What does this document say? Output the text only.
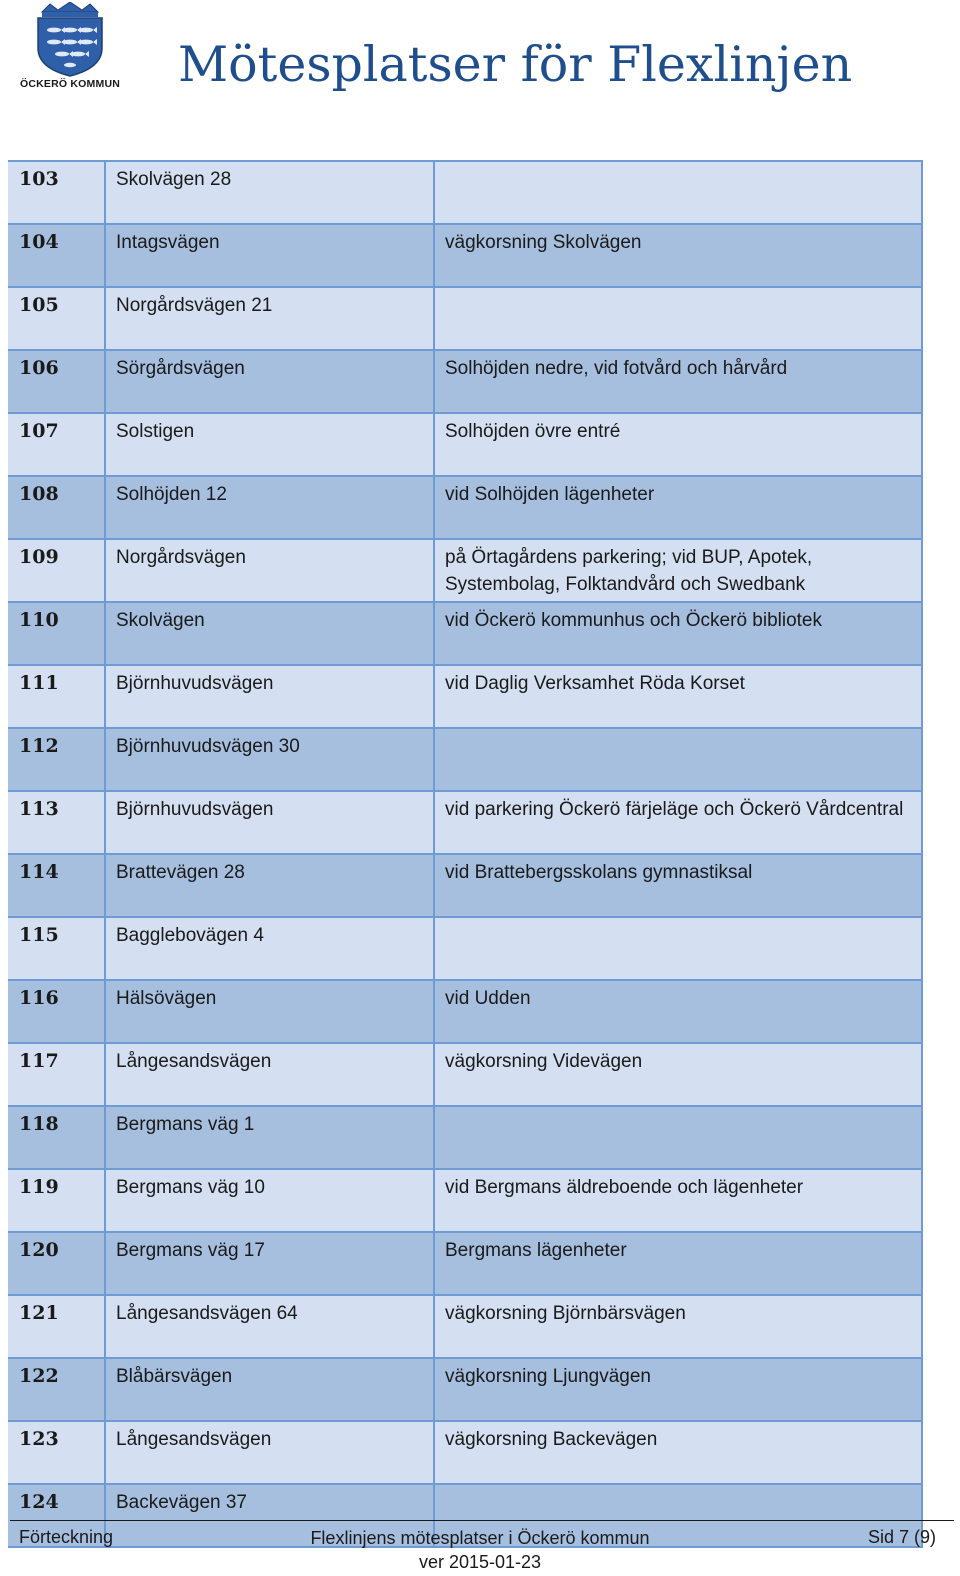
ÖCKERÖ KOMMUN Mötesplatser för Flexlinjen
103	Skolvägen 28	
104	Intagsvägen	vägkorsning Skolvägen
105	Norgårdsvägen 21	
106	Sörgårdsvägen	Solhöjden nedre, vid fotvård och hårvård
107	Solstigen	Solhöjden övre entré
108	Solhöjden 12	vid Solhöjden lägenheter
109	Norgårdsvägen	på Örtagårdens parkering; vid BUP, Apotek, Systembolag, Folktandvård och Swedbank
110	Skolvägen	vid Öckerö kommunhus och Öckerö bibliotek
111	Björnhuvudsvägen	vid Daglig Verksamhet Röda Korset
112	Björnhuvudsvägen 30	
113	Björnhuvudsvägen	vid parkering Öckerö färjeläge och Öckerö Vårdcentral
114	Brattevägen 28	vid Brattebergsskolans gymnastiksal
115	Bagglebovägen 4	
116	Hälsövägen	vid Udden
117	Långesandsvägen	vägkorsning Videvägen
118	Bergmans väg 1	
119	Bergmans väg 10	vid Bergmans äldreboende och lägenheter
120	Bergmans väg 17	Bergmans lägenheter
121	Långesandsvägen 64	vägkorsning Björnbärsvägen
122	Blåbärsvägen	vägkorsning Ljungvägen
123	Långesandsvägen	vägkorsning Backevägen
124	Backevägen 37	
Förteckning	Flexlinjens mötesplatser i Öckerö kommun
ver 2015-01-23
Sid 7 (9)
